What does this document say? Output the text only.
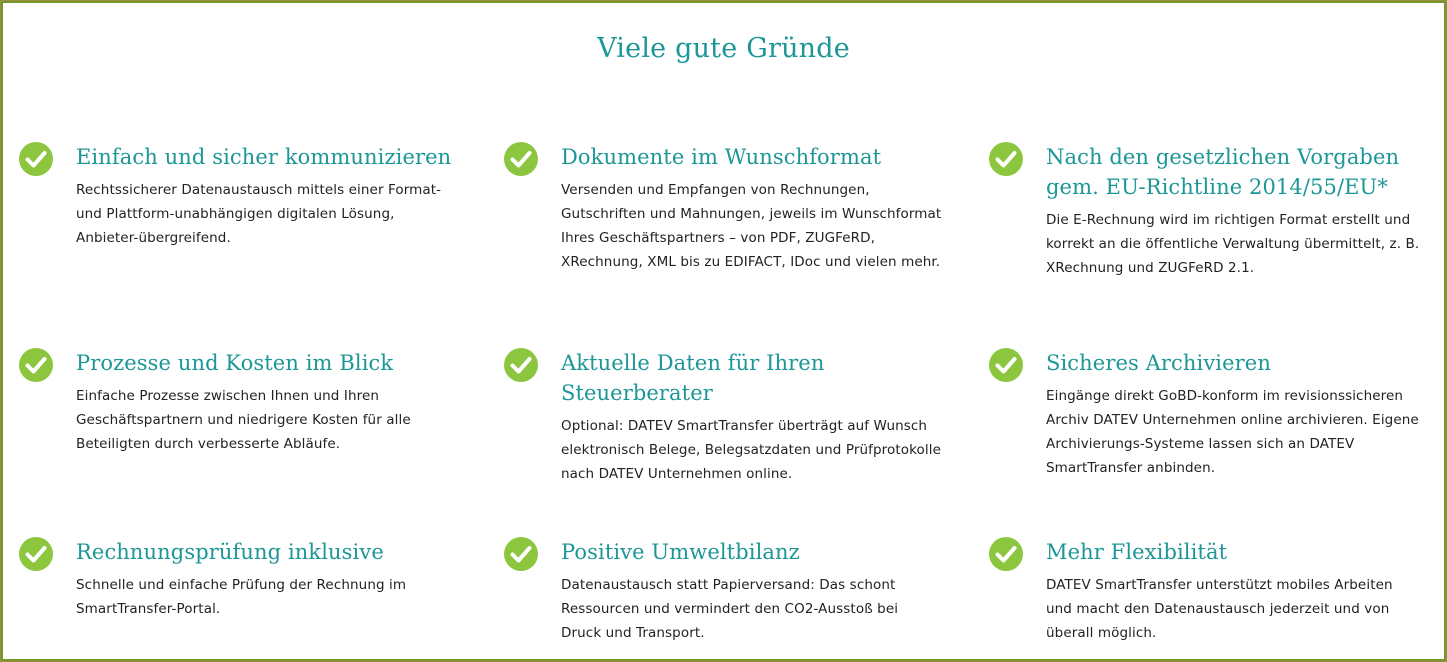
Viele gute Gründe
Einfach und sicher kommunizieren

Rechtssicherer Datenaustausch mittels einer Format- und Plattform-unabhängigen digitalen Lösung, Anbieter-übergreifend.

Dokumente im Wunschformat

Versenden und Empfangen von Rechnungen, Gutschriften und Mahnungen, jeweils im Wunschformat Ihres Geschäftspartners – von PDF, ZUGFeRD, XRechnung, XML bis zu EDIFACT, IDoc und vielen mehr.

Nach den gesetzlichen Vorgaben gem. EU-Richtline 2014/55/EU*

Die E-Rechnung wird im richtigen Format erstellt und korrekt an die öffentliche Verwaltung übermittelt, z. B. XRechnung und ZUGFeRD 2.1.

Prozesse und Kosten im Blick

Einfache Prozesse zwischen Ihnen und Ihren Geschäftspartnern und niedrigere Kosten für alle Beteiligten durch verbesserte Abläufe.

Aktuelle Daten für Ihren Steuerberater

Optional: DATEV SmartTransfer überträgt auf Wunsch elektronisch Belege, Belegsatzdaten und Prüfprotokolle nach DATEV Unternehmen online.

Sicheres Archivieren

Eingänge direkt GoBD-konform im revisionssicheren Archiv DATEV Unternehmen online archivieren. Eigene Archivierungs-Systeme lassen sich an DATEV SmartTransfer anbinden.

Rechnungsprüfung inklusive

Schnelle und einfache Prüfung der Rechnung im SmartTransfer-Portal.

Positive Umweltbilanz

Datenaustausch statt Papierversand: Das schont Ressourcen und vermindert den CO2-Ausstoß bei Druck und Transport.

Mehr Flexibilität

DATEV SmartTransfer unterstützt mobiles Arbeiten und macht den Datenaustausch jederzeit und von überall möglich.
